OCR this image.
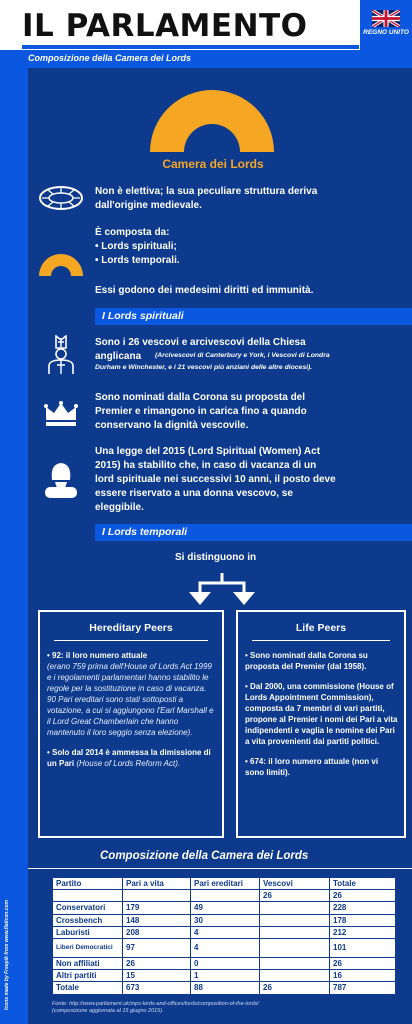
IL PARLAMENTO	REGNO UNITO
Composizione della Camera dei Lords
Icons made by Freepik from www.flaticon.com
Camera dei Lords
Non è elettiva; la sua peculiare struttura deriva
dall'origine medievale.
È composta da:
• Lords spirituali;
• Lords temporali.
Essi godono dei medesimi diritti ed immunità.
I Lords spirituali
Sono i 26 vescovi e arcivescovi della Chiesa
anglicana (Arcivescovi di Canterbury e York, i Vescovi di Londra
Durham e Winchester, e i 21 vescovi più anziani delle altre diocesi).
Sono nominati dalla Corona su proposta del
Premier e rimangono in carica fino a quando
conservano la dignità vescovile.
Una legge del 2015 (Lord Spiritual (Women) Act
2015) ha stabilito che, in caso di vacanza di un
lord spirituale nei successivi 10 anni, il posto deve
essere riservato a una donna vescovo, se
eleggibile.
I Lords temporali
Si distinguono in
Hereditary Peers

• 92: il loro numero attuale
(erano 759 prima dell'House of Lords Act 1999 e i regolamenti parlamentari hanno stabilito le regole per la sostituzione in caso di vacanza. 90 Pari ereditari sono stati sottoposti a votazione, a cui si aggiungono l'Earl Marshall e il Lord Great Chamberlain che hanno mantenuto il loro seggio senza elezione).

• Solo dal 2014 è ammessa la dimissione di un Pari (House of Lords Reform Act).

Life Peers

• Sono nominati dalla Corona su proposta del Premier (dal 1958).

• Dal 2000, una commissione (House of Lords Appointment Commission), composta da 7 membri di vari partiti, propone al Premier i nomi dei Pari a vita indipendenti e vaglia le nomine dei Pari a vita provenienti dai partiti politici.

• 674: il loro numero attuale (non vi sono limiti).

Composizione della Camera dei Lords
Partito	Pari a vita	Pari ereditari	Vescovi	Totale
			26	26
Conservatori	179	49		228
Crossbench	148	30		178
Laburisti	208	4		212
Liberi Democratici	97	4		101
Non affiliati	26	0		26
Altri partiti	15	1		16
Totale	673	88	26	787
Fonte: http://www.parliament.uk/mps-lords-and-offices/lords/composition-of-the-lords/
(composizione aggiornata al 15 giugno 2015).
